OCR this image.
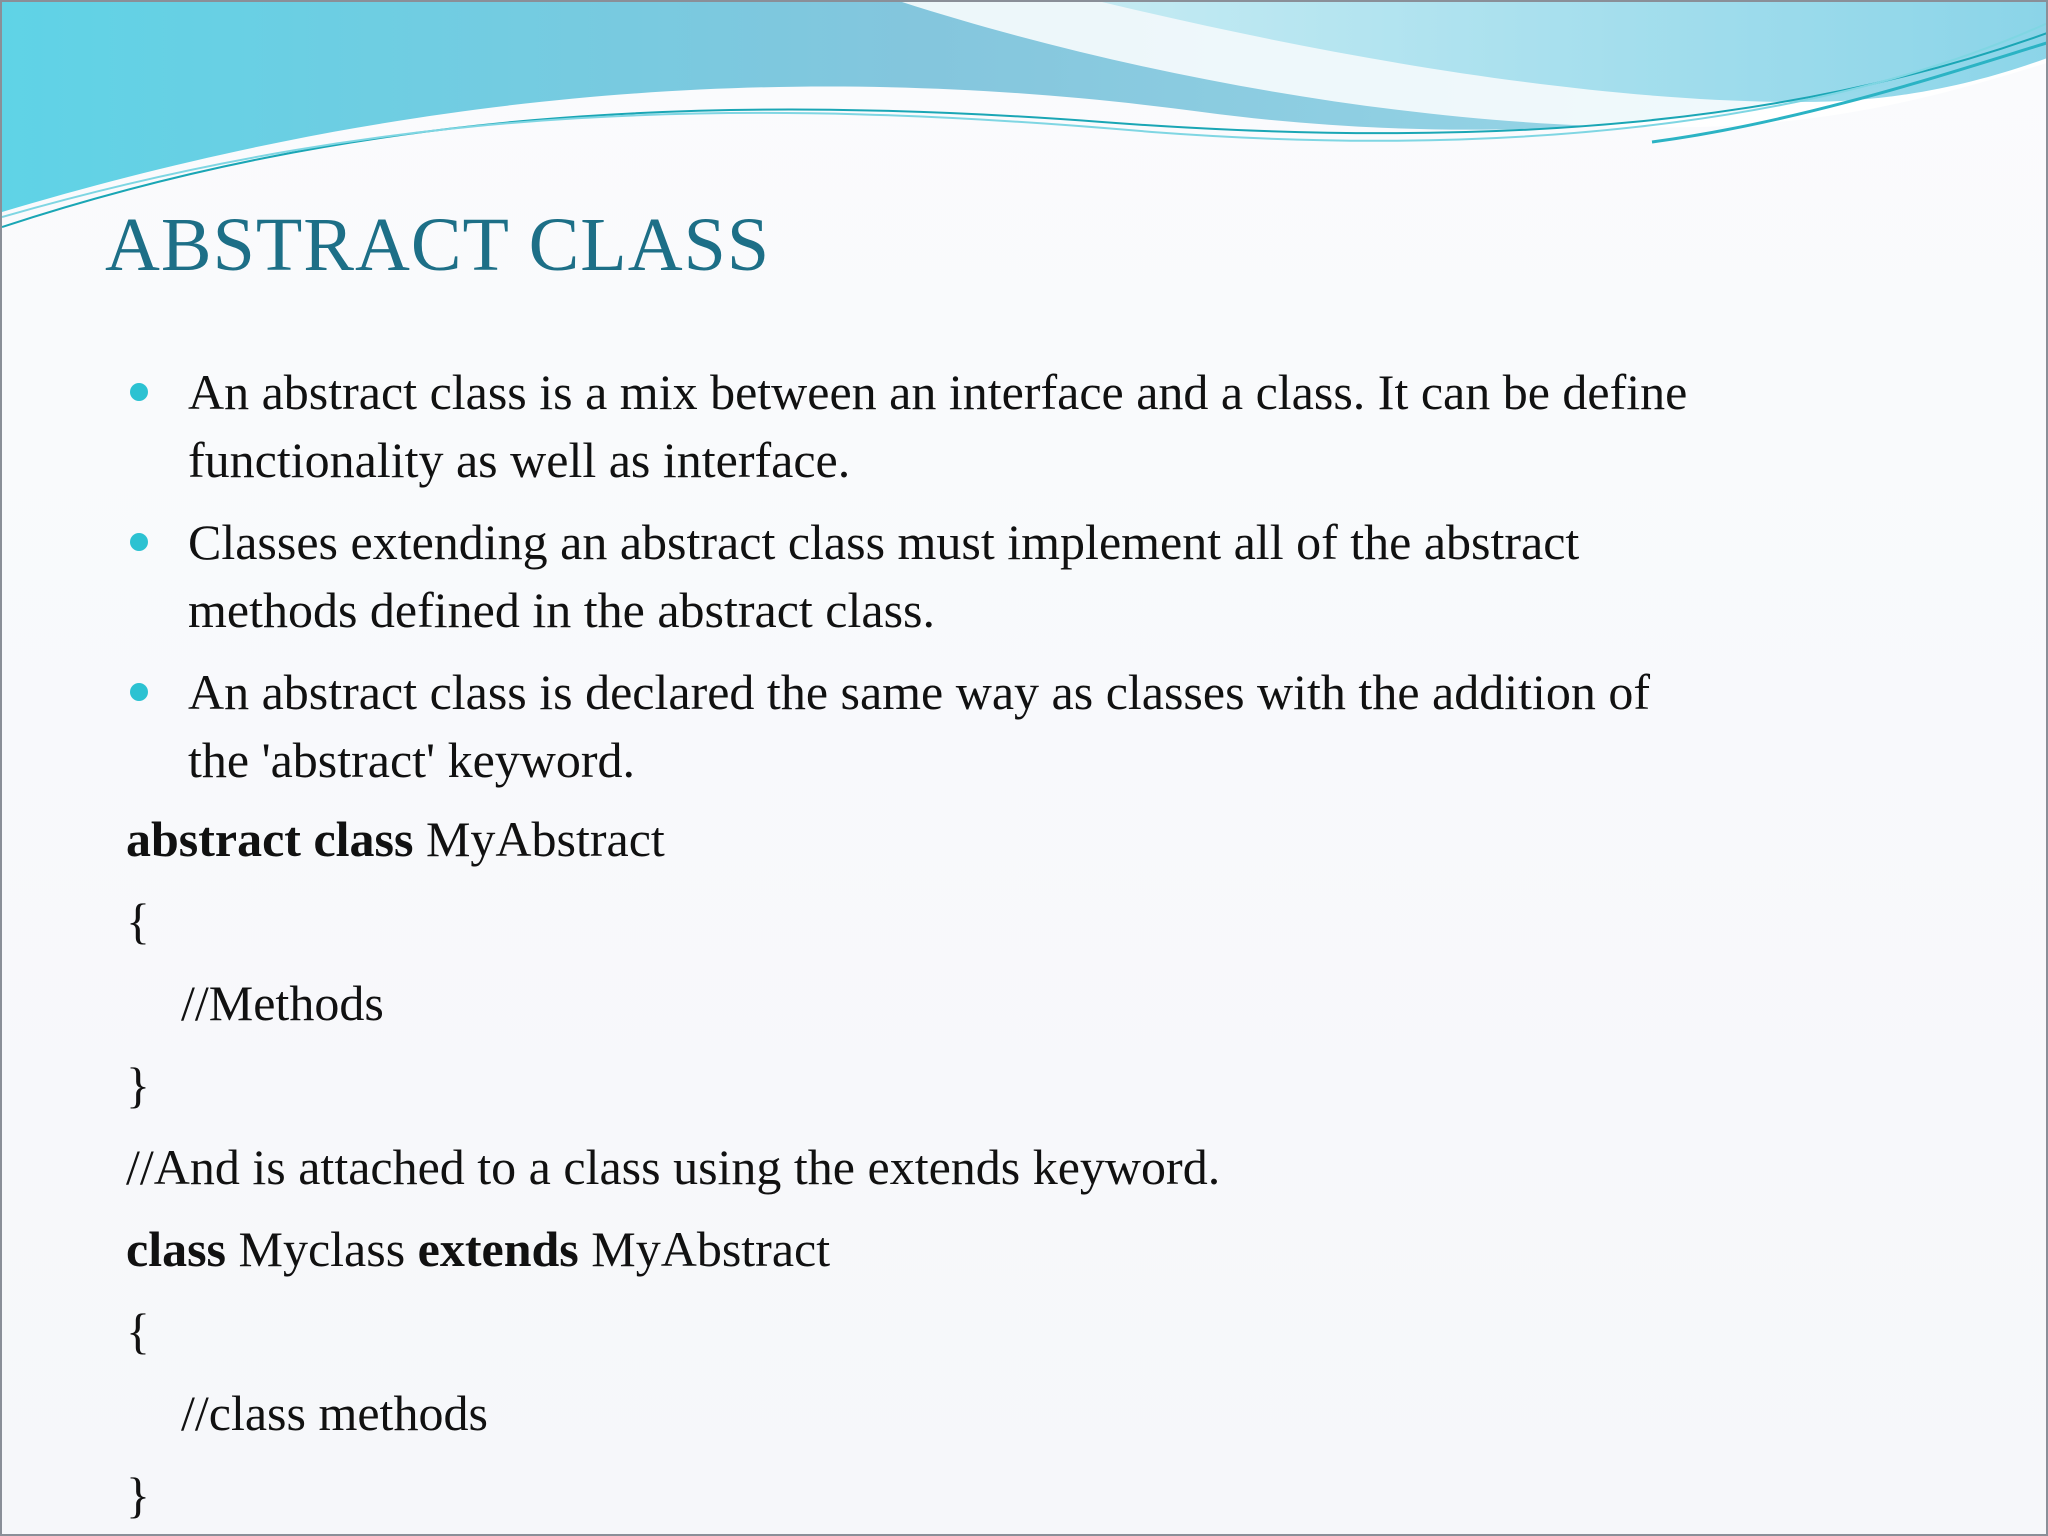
ABSTRACT CLASS
An abstract class is a mix between an interface and a class. It can be define
functionality as well as interface.
Classes extending an abstract class must implement all of the abstract
methods defined in the abstract class.
An abstract class is declared the same way as classes with the addition of
the 'abstract' keyword.
abstract class MyAbstract
{
//Methods
}
//And is attached to a class using the extends keyword.
class Myclass extends MyAbstract
{
//class methods
}
